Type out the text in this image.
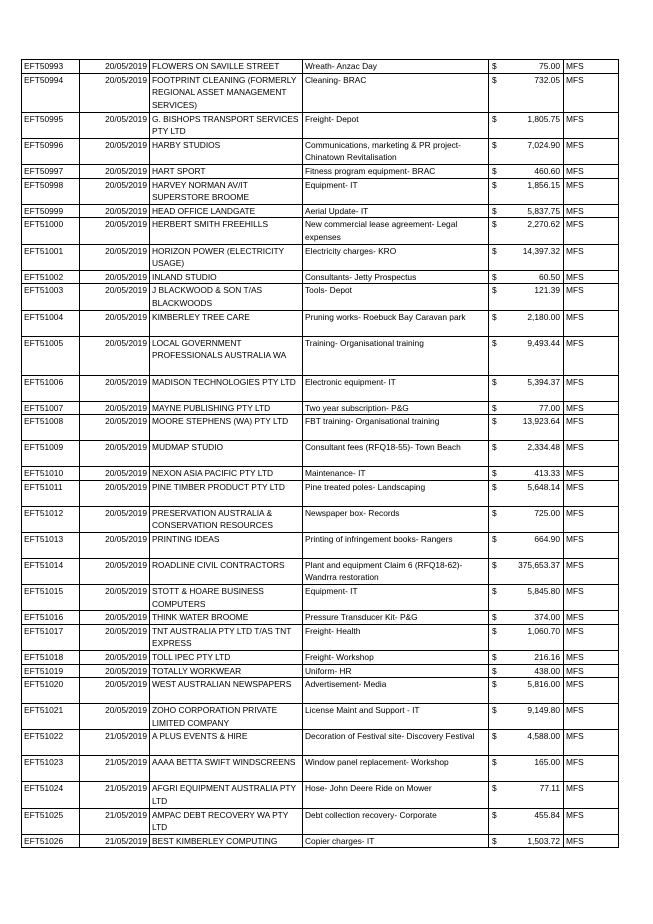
EFT50993	20/05/2019	FLOWERS ON SAVILLE STREET	Wreath- Anzac Day	$	75.00	MFS
EFT50994	20/05/2019	FOOTPRINT CLEANING (FORMERLY REGIONAL ASSET MANAGEMENT SERVICES)	Cleaning- BRAC	$	732.05	MFS
EFT50995	20/05/2019	G. BISHOPS TRANSPORT SERVICES PTY LTD	Freight- Depot	$	1,805.75	MFS
EFT50996	20/05/2019	HARBY STUDIOS	Communications, marketing & PR project- Chinatown Revitalisation	$	7,024.90	MFS
EFT50997	20/05/2019	HART SPORT	Fitness program equipment- BRAC	$	460.60	MFS
EFT50998	20/05/2019	HARVEY NORMAN AV/IT SUPERSTORE BROOME	Equipment- IT	$	1,856.15	MFS
EFT50999	20/05/2019	HEAD OFFICE LANDGATE	Aerial Update- IT	$	5,837.75	MFS
EFT51000	20/05/2019	HERBERT SMITH FREEHILLS	New commercial lease agreement- Legal expenses	$	2,270.62	MFS
EFT51001	20/05/2019	HORIZON POWER (ELECTRICITY USAGE)	Electricity charges- KRO	$	14,397.32	MFS
EFT51002	20/05/2019	INLAND STUDIO	Consultants- Jetty Prospectus	$	60.50	MFS
EFT51003	20/05/2019	J BLACKWOOD & SON T/AS BLACKWOODS	Tools- Depot	$	121.39	MFS
EFT51004	20/05/2019	KIMBERLEY TREE CARE	Pruning works- Roebuck Bay Caravan park	$	2,180.00	MFS
EFT51005	20/05/2019	LOCAL GOVERNMENT PROFESSIONALS AUSTRALIA WA	Training- Organisational training	$	9,493.44	MFS
EFT51006	20/05/2019	MADISON TECHNOLOGIES PTY LTD	Electronic equipment- IT	$	5,394.37	MFS
EFT51007	20/05/2019	MAYNE PUBLISHING PTY LTD	Two year subscription- P&G	$	77.00	MFS
EFT51008	20/05/2019	MOORE STEPHENS (WA) PTY LTD	FBT training- Organisational training	$	13,923.64	MFS
EFT51009	20/05/2019	MUDMAP STUDIO	Consultant fees (RFQ18-55)- Town Beach	$	2,334.48	MFS
EFT51010	20/05/2019	NEXON ASIA PACIFIC PTY LTD	Maintenance- IT	$	413.33	MFS
EFT51011	20/05/2019	PINE TIMBER PRODUCT PTY LTD	Pine treated poles- Landscaping	$	5,648.14	MFS
EFT51012	20/05/2019	PRESERVATION AUSTRALIA & CONSERVATION RESOURCES	Newspaper box- Records	$	725.00	MFS
EFT51013	20/05/2019	PRINTING IDEAS	Printing of infringement books- Rangers	$	664.90	MFS
EFT51014	20/05/2019	ROADLINE CIVIL CONTRACTORS	Plant and equipment Claim 6 (RFQ18-62)- Wandrra restoration	$	375,653.37	MFS
EFT51015	20/05/2019	STOTT & HOARE BUSINESS COMPUTERS	Equipment- IT	$	5,845.80	MFS
EFT51016	20/05/2019	THINK WATER BROOME	Pressure Transducer Kit- P&G	$	374.00	MFS
EFT51017	20/05/2019	TNT AUSTRALIA PTY LTD T/AS TNT EXPRESS	Freight- Health	$	1,060.70	MFS
EFT51018	20/05/2019	TOLL IPEC PTY LTD	Freight- Workshop	$	216.16	MFS
EFT51019	20/05/2019	TOTALLY WORKWEAR	Uniform- HR	$	438.00	MFS
EFT51020	20/05/2019	WEST AUSTRALIAN NEWSPAPERS	Advertisement- Media	$	5,816.00	MFS
EFT51021	20/05/2019	ZOHO CORPORATION PRIVATE LIMITED COMPANY	License Maint and Support - IT	$	9,149.80	MFS
EFT51022	21/05/2019	A PLUS EVENTS & HIRE	Decoration of Festival site- Discovery Festival	$	4,588.00	MFS
EFT51023	21/05/2019	AAAA BETTA SWIFT WINDSCREENS	Window panel replacement- Workshop	$	165.00	MFS
EFT51024	21/05/2019	AFGRI EQUIPMENT AUSTRALIA PTY LTD	Hose- John Deere Ride on Mower	$	77.11	MFS
EFT51025	21/05/2019	AMPAC DEBT RECOVERY WA PTY LTD	Debt collection recovery- Corporate	$	455.84	MFS
EFT51026	21/05/2019	BEST KIMBERLEY COMPUTING	Copier charges- IT	$	1,503.72	MFS
